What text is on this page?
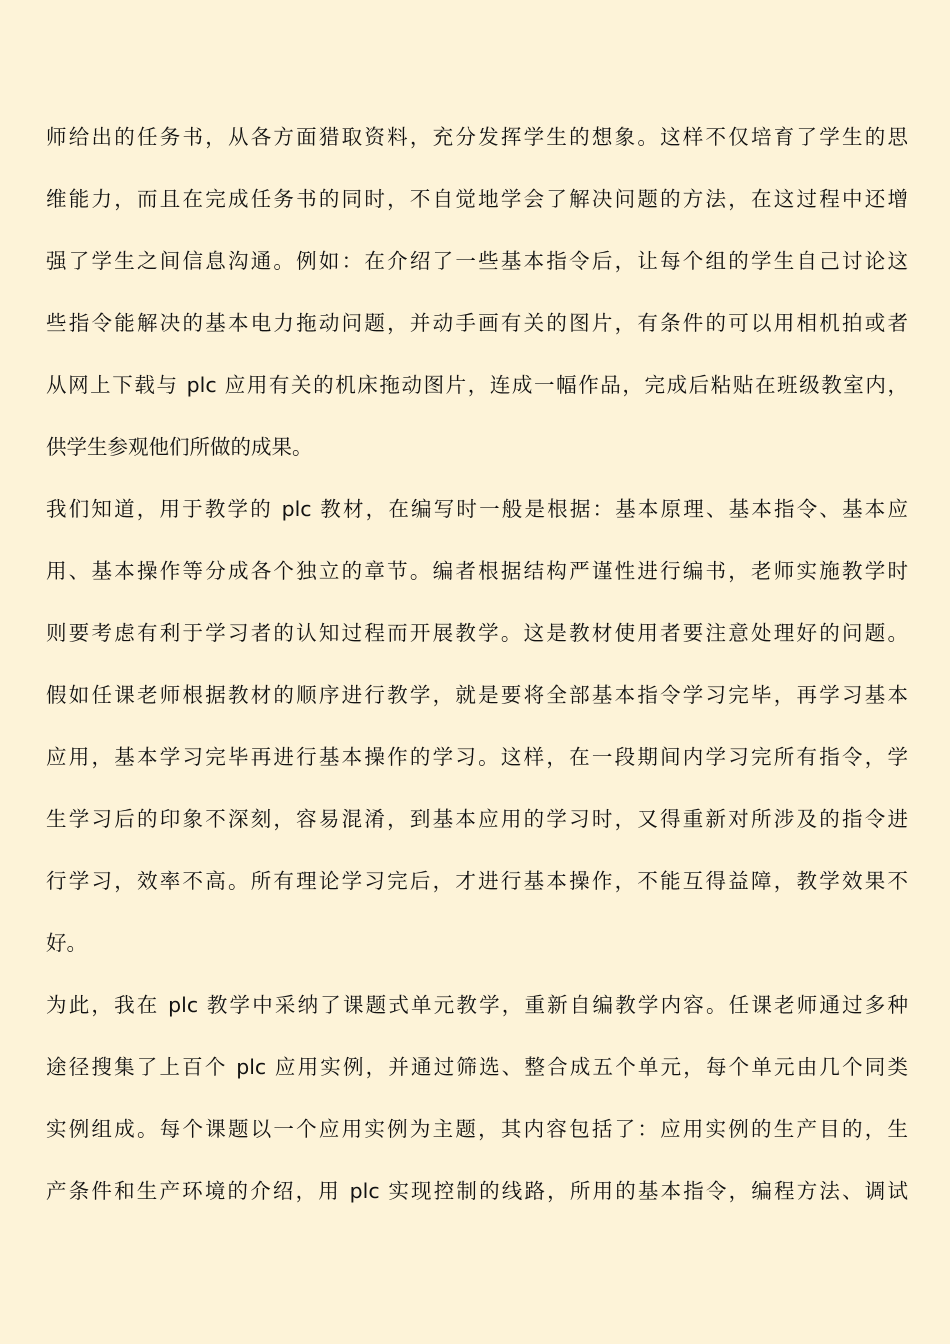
师给出的任务书，从各方面猎取资料，充分发挥学生的想象。这样不仅培育了学生的思
维能力，而且在完成任务书的同时，不自觉地学会了解决问题的方法，在这过程中还增
强了学生之间信息沟通。例如：在介绍了一些基本指令后，让每个组的学生自己讨论这
些指令能解决的基本电力拖动问题，并动手画有关的图片，有条件的可以用相机拍或者
从网上下载与 plc 应用有关的机床拖动图片，连成一幅作品，完成后粘贴在班级教室内，
供学生参观他们所做的成果。
我们知道，用于教学的 plc 教材，在编写时一般是根据：基本原理、基本指令、基本应
用、基本操作等分成各个独立的章节。编者根据结构严谨性进行编书，老师实施教学时
则要考虑有利于学习者的认知过程而开展教学。这是教材使用者要注意处理好的问题。
假如任课老师根据教材的顺序进行教学，就是要将全部基本指令学习完毕，再学习基本
应用，基本学习完毕再进行基本操作的学习。这样，在一段期间内学习完所有指令，学
生学习后的印象不深刻，容易混淆，到基本应用的学习时，又得重新对所涉及的指令进
行学习，效率不高。所有理论学习完后，才进行基本操作，不能互得益障，教学效果不
好。
为此，我在 plc 教学中采纳了课题式单元教学，重新自编教学内容。任课老师通过多种
途径搜集了上百个 plc 应用实例，并通过筛选、整合成五个单元，每个单元由几个同类
实例组成。每个课题以一个应用实例为主题，其内容包括了：应用实例的生产目的，生
产条件和生产环境的介绍，用 plc 实现控制的线路，所用的基本指令，编程方法、调试
